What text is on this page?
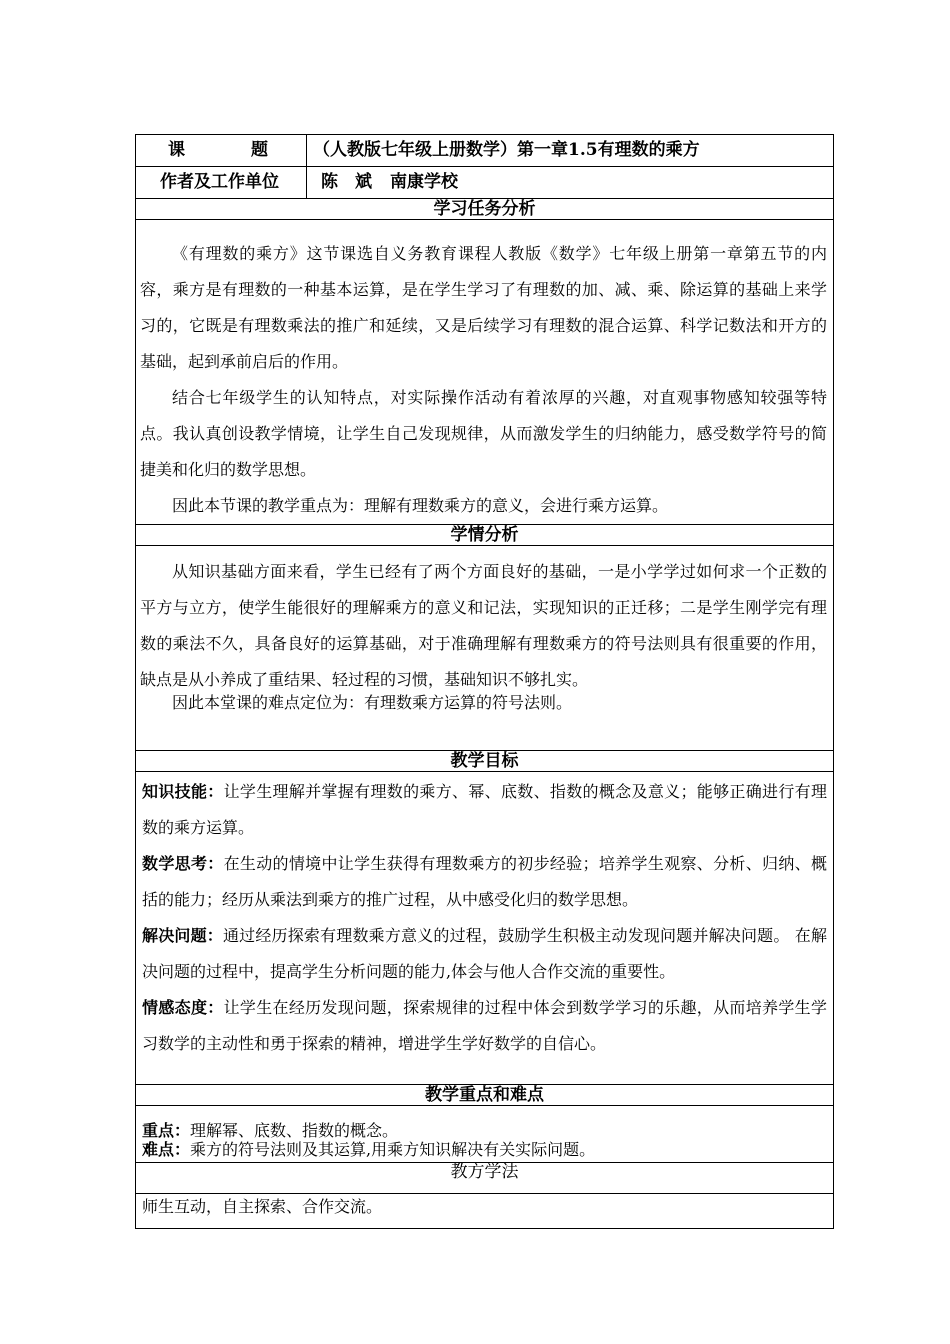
课 题	（人教版七年级上册数学）第一章1.5有理数的乘方

作者及工作单位	陈　斌 南康学校
学习任务分析	

《有理数的乘方》这节课选自义务教育课程人教版《数学》七年级上册第一章第五节的内容，乘方是有理数的一种基本运算，是在学生学习了有理数的加、减、乘、除运算的基础上来学习的，它既是有理数乘法的推广和延续，又是后续学习有理数的混合运算、科学记数法和开方的基础，起到承前启后的作用。

结合七年级学生的认知特点，对实际操作活动有着浓厚的兴趣，对直观事物感知较强等特点。我认真创设教学情境，让学生自己发现规律，从而激发学生的归纳能力，感受数学符号的简捷美和化归的数学思想。

因此本节课的教学重点为：理解有理数乘方的意义，会进行乘方运算。	

学情分析	

从知识基础方面来看，学生已经有了两个方面良好的基础，一是小学学过如何求一个正数的平方与立方，使学生能很好的理解乘方的意义和记法，实现知识的正迁移；二是学生刚学完有理数的乘法不久，具备良好的运算基础，对于准确理解有理数乘方的符号法则具有很重要的作用，缺点是从小养成了重结果、轻过程的习惯，基础知识不够扎实。

因此本堂课的难点定位为：有理数乘方运算的符号法则。	

教学目标	

知识技能：让学生理解并掌握有理数的乘方、幂、底数、指数的概念及意义；能够正确进行有理数的乘方运算。

数学思考：在生动的情境中让学生获得有理数乘方的初步经验；培养学生观察、分析、归纳、概括的能力；经历从乘法到乘方的推广过程，从中感受化归的数学思想。

解决问题：通过经历探索有理数乘方意义的过程，鼓励学生积极主动发现问题并解决问题。 在解决问题的过程中，提高学生分析问题的能力,体会与他人合作交流的重要性。

情感态度：让学生在经历发现问题，探索规律的过程中体会到数学学习的乐趣，从而培养学生学习数学的主动性和勇于探索的精神，增进学生学好数学的自信心。	

教学重点和难点	

重点：理解幂、底数、指数的概念。
难点：乘方的符号法则及其运算,用乘方知识解决有关实际问题。	

教方学法	
师生互动，自主探索、合作交流。	
